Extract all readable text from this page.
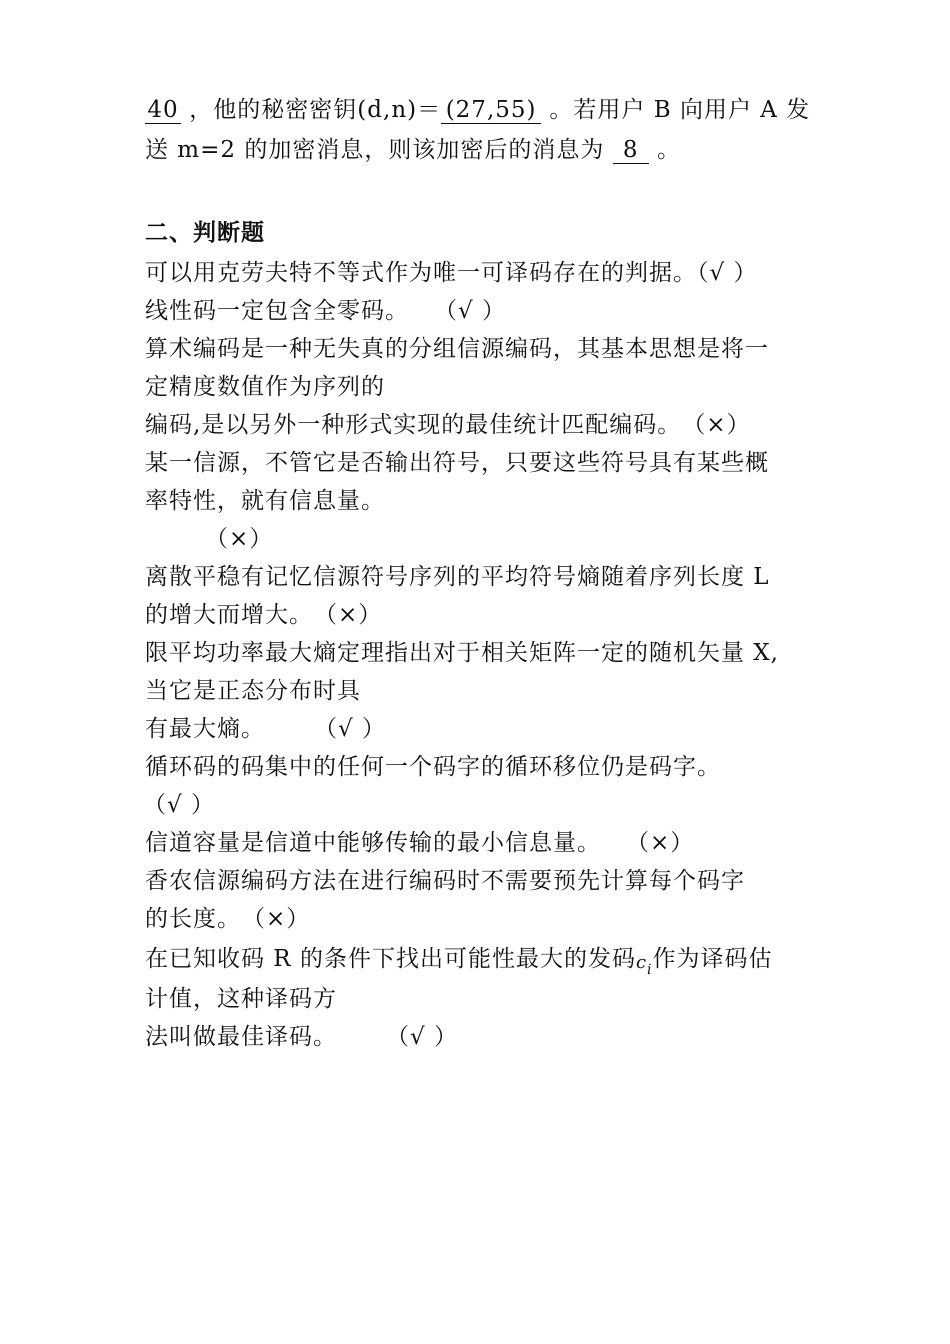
40 ，他的秘密密钥(d,n)＝ (27,55) 。若用户 B 向用户 A 发
送 m=2 的加密消息，则该加密后的消息为 8 。
二、判断题
可以用克劳夫特不等式作为唯一可译码存在的判据。（√ ）
线性码一定包含全零码。　　（√ ）
算术编码是一种无失真的分组信源编码，其基本思想是将一
定精度数值作为序列的
编码,是以另外一种形式实现的最佳统计匹配编码。　（×）
某一信源，不管它是否输出符号，只要这些符号具有某些概
率特性，就有信息量。
（×）
离散平稳有记忆信源符号序列的平均符号熵随着序列长度 L
的增大而增大。　（×）
限平均功率最大熵定理指出对于相关矩阵一定的随机矢量 X,
当它是正态分布时具
有最大熵。　　　（√ ）
循环码的码集中的任何一个码字的循环移位仍是码字。
（√ ）
信道容量是信道中能够传输的最小信息量。　　（×）
香农信源编码方法在进行编码时不需要预先计算每个码字
的长度。　（×）
在已知收码 R 的条件下找出可能性最大的发码$c_i$作为译码估
计值，这种译码方
法叫做最佳译码。　　　（√ ）
